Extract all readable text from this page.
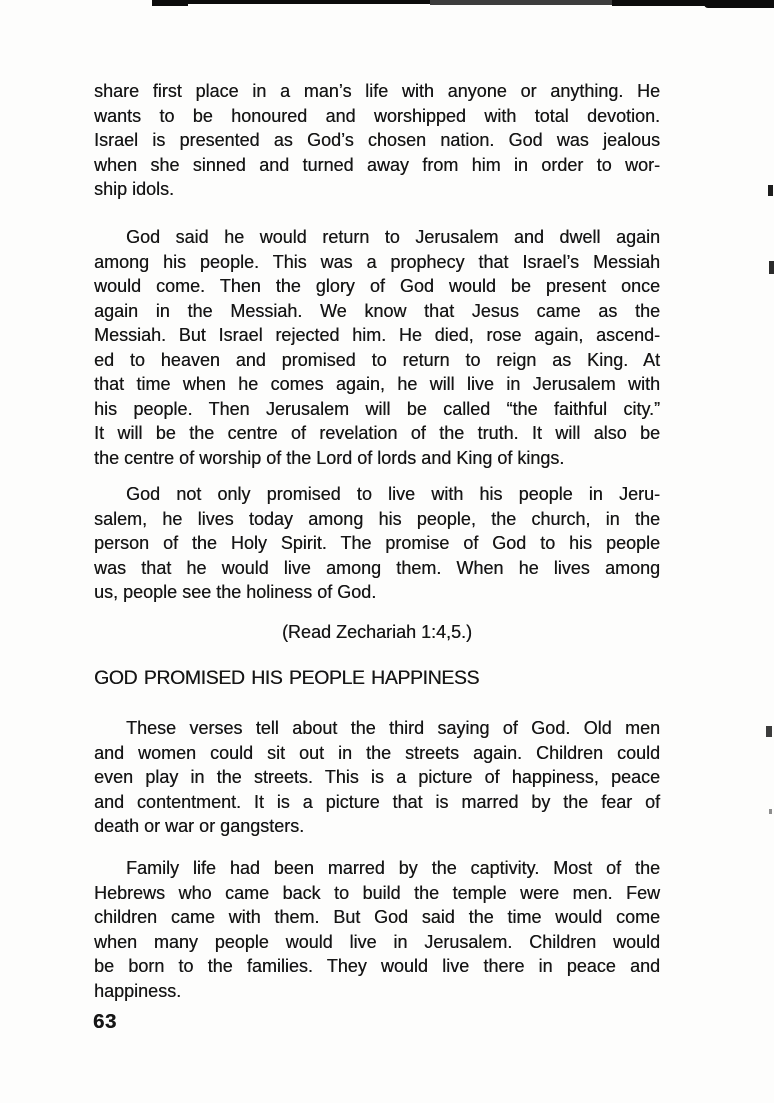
share first place in a man’s life with anyone or anything. He
wants to be honoured and worshipped with total devotion.
Israel is presented as God’s chosen nation. God was jealous
when she sinned and turned away from him in order to wor-
ship idols.
God said he would return to Jerusalem and dwell again
among his people. This was a prophecy that Israel’s Messiah
would come. Then the glory of God would be present once
again in the Messiah. We know that Jesus came as the
Messiah. But Israel rejected him. He died, rose again, ascend-
ed to heaven and promised to return to reign as King. At
that time when he comes again, he will live in Jerusalem with
his people. Then Jerusalem will be called “the faithful city.”
It will be the centre of revelation of the truth. It will also be
the centre of worship of the Lord of lords and King of kings.
God not only promised to live with his people in Jeru-
salem, he lives today among his people, the church, in the
person of the Holy Spirit. The promise of God to his people
was that he would live among them. When he lives among
us, people see the holiness of God.
(Read Zechariah 1:4,5.)
GOD PROMISED HIS PEOPLE HAPPINESS
These verses tell about the third saying of God. Old men
and women could sit out in the streets again. Children could
even play in the streets. This is a picture of happiness, peace
and contentment. It is a picture that is marred by the fear of
death or war or gangsters.
Family life had been marred by the captivity. Most of the
Hebrews who came back to build the temple were men. Few
children came with them. But God said the time would come
when many people would live in Jerusalem. Children would
be born to the families. They would live there in peace and
happiness.
63
